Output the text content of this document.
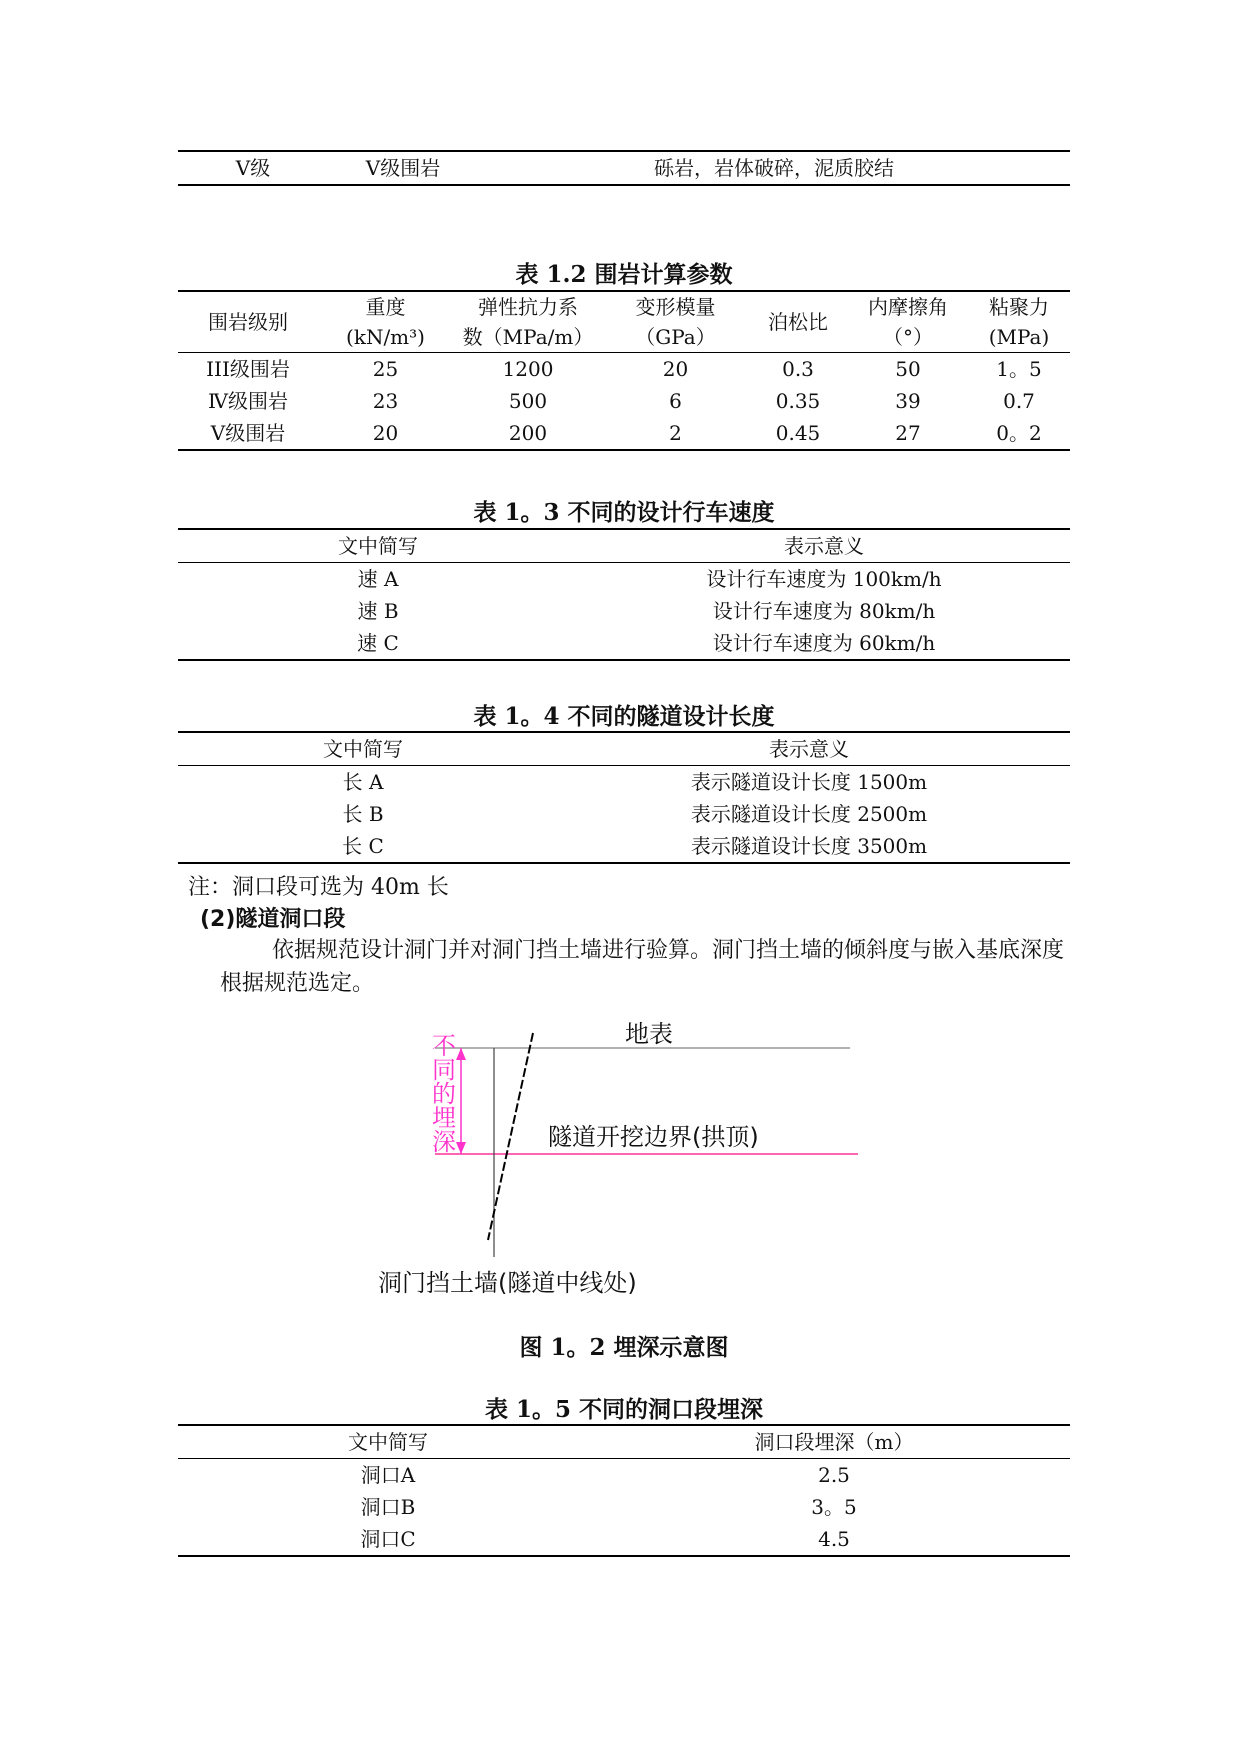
Ⅴ级	Ⅴ级围岩	砾岩，岩体破碎，泥质胶结
表 1.2 围岩计算参数
围岩级别	重度	弹性抗力系	变形模量	泊松比	内摩擦角	粘聚力
	(kN/m³)	数（MPa/m）	（GPa）		（°）	(MPa)
III级围岩	25	1200	20	0.3	50	1。5
Ⅳ级围岩	23	500	6	0.35	39	0.7
Ⅴ级围岩	20	200	2	0.45	27	0。2
表 1。3 不同的设计行车速度
文中简写	表示意义
速 A	设计行车速度为 100km/h
速 B	设计行车速度为 80km/h
速 C	设计行车速度为 60km/h
表 1。4 不同的隧道设计长度
文中简写	表示意义
长 A	表示隧道设计长度 1500m
长 B	表示隧道设计长度 2500m
长 C	表示隧道设计长度 3500m
注：洞口段可选为 40m 长
(2)隧道洞口段
依据规范设计洞门并对洞门挡土墙进行验算。洞门挡土墙的倾斜度与嵌入基底深度根据规范选定。
地表
隧道开挖边界(拱顶)
不同的埋深
洞门挡土墙(隧道中线处)
图 1。2 埋深示意图
表 1。5 不同的洞口段埋深
文中简写	洞口段埋深（m）
洞口A	2.5
洞口B	3。5
洞口C	4.5
